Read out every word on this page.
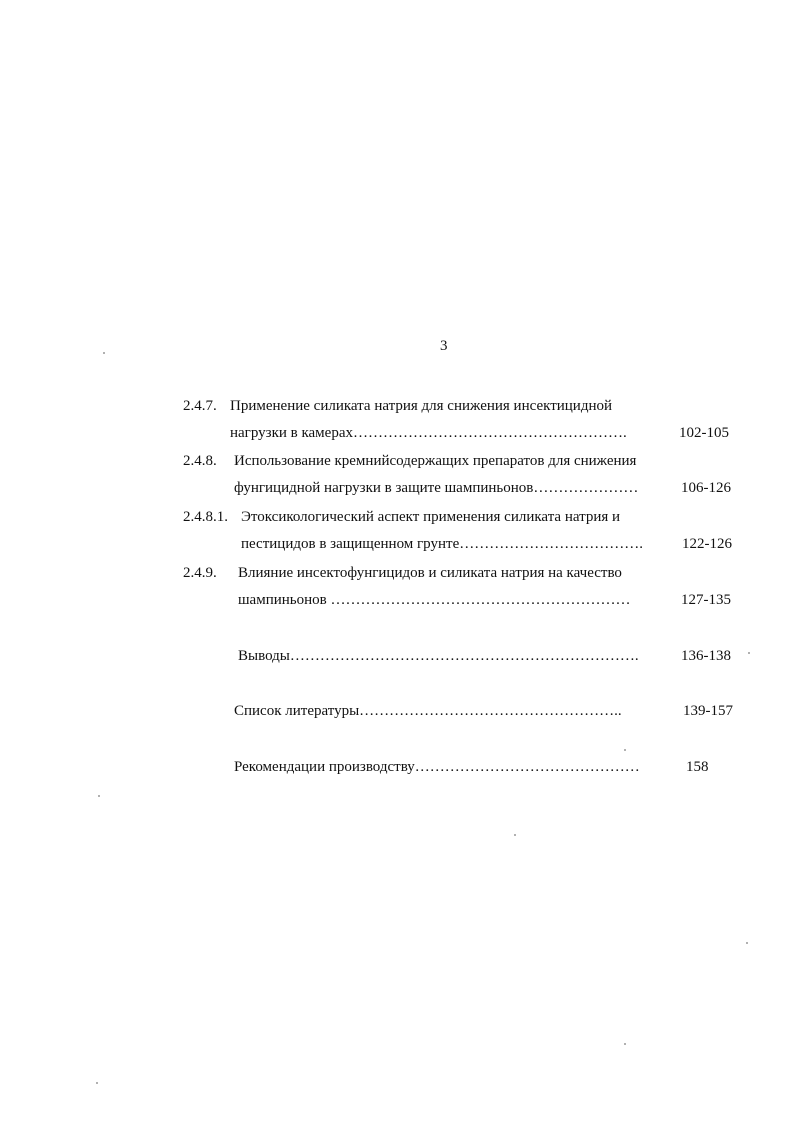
3
2.4.7. Применение силиката натрия для снижения инсектицидной
нагрузки в камерах……………………………………………….	102-105
2.4.8. Использование кремнийсодержащих препаратов для снижения
фунгицидной нагрузки в защите шампиньонов…………………	106-126
2.4.8.1. Этоксикологический аспект применения силиката натрия и
пестицидов в защищенном грунте……………………………….	122-126
2.4.9. Влияние инсектофунгицидов и силиката натрия на качество
шампиньонов ……………………………………………………	127-135
Выводы…………………………………………………………….	136-138
Список литературы……………………………………………..	139-157
Рекомендации производству………………………………………	158
